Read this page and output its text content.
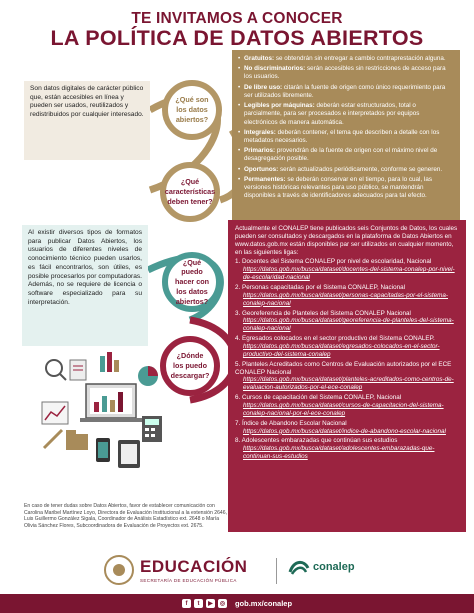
TE INVITAMOS A CONOCER
LA POLÍTICA DE DATOS ABIERTOS
Son datos digitales de carácter público que, están accesibles en línea y pueden ser usados, reutilizados y redistribuidos por cualquier interesado.
Al existir diversos tipos de formatos para publicar Datos Abiertos, los usuarios de diferentes niveles de conocimiento técnico pueden usarlos, es fácil encontrarlos, son útiles, es posible procesarlos por computadoras. Además, no se requiere de licencia o software especializado para su interpretación.
¿Qué son los datos abiertos?
¿Qué características deben tener?
¿Qué puedo hacer con los datos abiertos?
¿Dónde los puedo descargar?
• Gratuitos: se obtendrán sin entregar a cambio contraprestación alguna.
• No discriminatorios: serán accesibles sin restricciones de acceso para los usuarios.
• De libre uso: citarán la fuente de origen como único requerimiento para ser utilizados libremente.
• Legibles por máquinas: deberán estar estructurados, total o parcialmente, para ser procesados e interpretados por equipos electrónicos de manera automática.
• Integrales: deberán contener, el tema que describen a detalle con los metadatos necesarios.
• Primarios: provendrán de la fuente de origen con el máximo nivel de desagregación posible.
• Oportunos: serán actualizados periódicamente, conforme se generen.
• Permanentes: se deberán conservar en el tiempo, para lo cual, las versiones históricas relevantes para uso público, se mantendrán disponibles a través de identificadores adecuados para tal efecto.
Actualmente el CONALEP tiene publicados seis Conjuntos de Datos, los cuales pueden ser consultados y descargados en la plataforma de Datos Abiertos en www.datos.gob.mx están disponibles par ser utilizados en cualquier momento, en las siguientes ligas:
1. Docentes del Sistema CONALEP por nivel de escolaridad, Nacional
https://datos.gob.mx/busca/dataset/docentes-del-sistema-conalep-por-nivel-de-escolaridad-nacional
2. Personas capacitadas por el Sistema CONALEP, Nacional
https://datos.gob.mx/busca/dataset/personas-capacitadas-por-el-sistema-conalep-nacional
3. Georeferencia de Planteles del Sistema CONALEP Nacional
https://datos.gob.mx/busca/dataset/georeferencia-de-planteles-del-sistema-conalep-nacional
4. Egresados colocados en el sector productivo del Sistema CONALEP.
https://datos.gob.mx/busca/dataset/egresados-colocados-en-el-sector-productivo-del-sistema-conalep
5. Planteles Acreditados como Centros de Evaluación autorizados por el ECE CONALEP Nacional
https://datos.gob.mx/busca/dataset/planteles-acreditados-como-centros-de-evaluacion-autorizados-por-el-ece-conalep
6. Cursos de capacitación del Sistema CONALEP, Nacional
https://datos.gob.mx/busca/dataset/cursos-de-capacitacion-del-sistema-conalep-nacional-por-el-ece-conalep
7. Índice de Abandono Escolar Nacional
https://datos.gob.mx/busca/dataset/indice-de-abandono-escolar-nacional
8. Adolescentes embarazadas que continúan sus estudios
https://datos.gob.mx/busca/dataset/adolescentes-embarazadas-que-continuan-sus-estudios
En caso de tener dudas sobre Datos Abiertos, favor de establecer comunicación con Carolina Maribel Martínez Loyo, Directora de Evaluación Institucional a la extensión 2646, Luis Guillermo González Sigala, Coordinador de Análisis Estadístico ext. 2648 o María Olivia Sánchez Flores, Subcoordinadora de Evaluación de Proyectos ext. 2675.
EDUCACIÓN
SECRETARÍA DE EDUCACIÓN PÚBLICA
conalep
f	t	▶	◎ gob.mx/conalep
